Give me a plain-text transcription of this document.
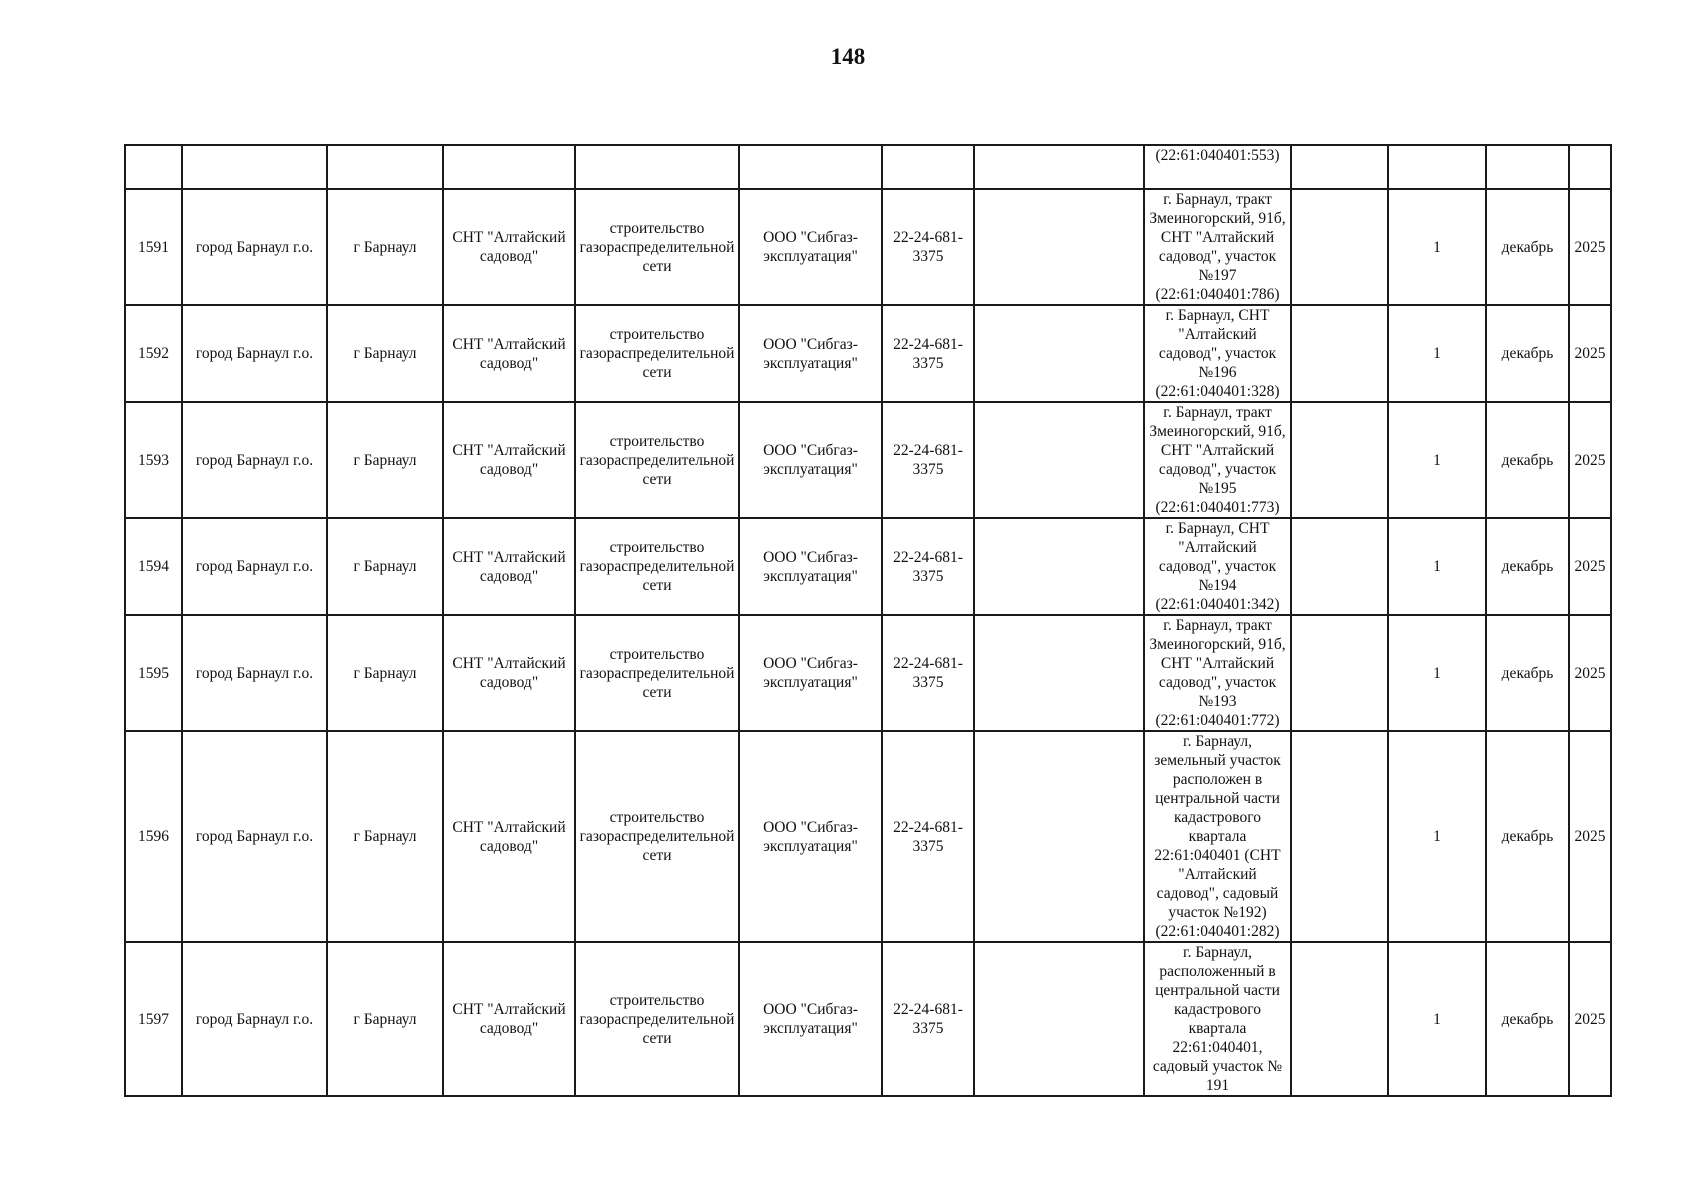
148
								(22:61:040401:553)				
1591	город Барнаул г.о.	г Барнаул	СНТ "Алтайский садовод"	строительство газораспределительной сети	ООО "Сибгаз-эксплуатация"	22-24-681-3375		г. Барнаул, тракт Змеиногорский, 91б, СНТ "Алтайский садовод", участок №197 (22:61:040401:786)		1	декабрь	2025
1592	город Барнаул г.о.	г Барнаул	СНТ "Алтайский садовод"	строительство газораспределительной сети	ООО "Сибгаз-эксплуатация"	22-24-681-3375		г. Барнаул, СНТ "Алтайский садовод", участок №196 (22:61:040401:328)		1	декабрь	2025
1593	город Барнаул г.о.	г Барнаул	СНТ "Алтайский садовод"	строительство газораспределительной сети	ООО "Сибгаз-эксплуатация"	22-24-681-3375		г. Барнаул, тракт Змеиногорский, 91б, СНТ "Алтайский садовод", участок №195 (22:61:040401:773)		1	декабрь	2025
1594	город Барнаул г.о.	г Барнаул	СНТ "Алтайский садовод"	строительство газораспределительной сети	ООО "Сибгаз-эксплуатация"	22-24-681-3375		г. Барнаул, СНТ "Алтайский садовод", участок №194 (22:61:040401:342)		1	декабрь	2025
1595	город Барнаул г.о.	г Барнаул	СНТ "Алтайский садовод"	строительство газораспределительной сети	ООО "Сибгаз-эксплуатация"	22-24-681-3375		г. Барнаул, тракт Змеиногорский, 91б, СНТ "Алтайский садовод", участок №193 (22:61:040401:772)		1	декабрь	2025
1596	город Барнаул г.о.	г Барнаул	СНТ "Алтайский садовод"	строительство газораспределительной сети	ООО "Сибгаз-эксплуатация"	22-24-681-3375		г. Барнаул, земельный участок расположен в центральной части кадастрового квартала 22:61:040401 (СНТ "Алтайский садовод", садовый участок №192) (22:61:040401:282)		1	декабрь	2025
1597	город Барнаул г.о.	г Барнаул	СНТ "Алтайский садовод"	строительство газораспределительной сети	ООО "Сибгаз-эксплуатация"	22-24-681-3375		г. Барнаул, расположенный в центральной части кадастрового квартала 22:61:040401, садовый участок № 191		1	декабрь	2025
